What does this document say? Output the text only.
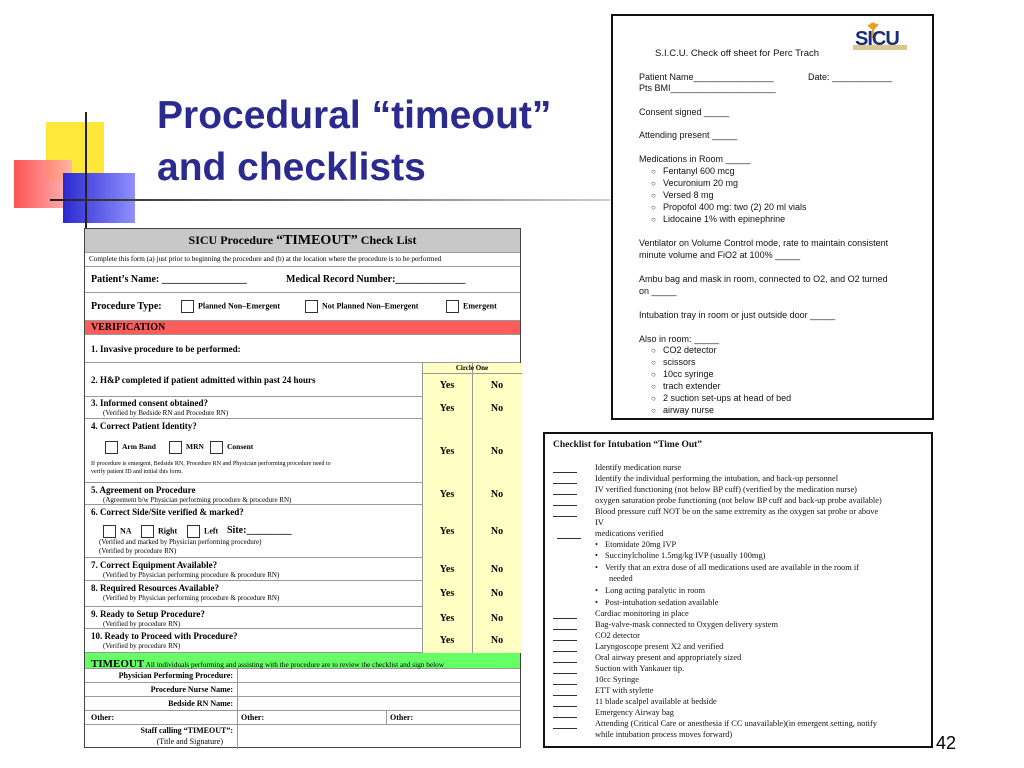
Procedural “timeout”
and checklists
SICU Procedure “TIMEOUT” Check List
Complete this form (a) just prior to beginning the procedure and (b) at the location where the procedure is to be performed
Patient’s Name: _________________	Medical Record Number:______________
Procedure Type:	Planned Non–Emergent	Not Planned Non–Emergent	Emergent
VERIFICATION
1. Invasive procedure to be performed:
Circle One
2. H&P completed if patient admitted within past 24 hours	Yes	No
3. Informed consent obtained?
(Verified by Bedside RN and Procedure RN)	Yes	No
4. Correct Patient Identity?
Arm Band	MRN	Consent
If procedure is emergent, Bedside RN, Procedure RN and Physician performing procedure need to
verify patient ID and initial this form.
Yes	No
5. Agreement on Procedure
(Agreement b/w Physician performing procedure & procedure RN)	Yes	No
6. Correct Side/Site verified & marked?
NA	Right	Left Site:_________
(Verified and marked by Physician performing procedure)
(Verified by procedure RN)
Yes	No
7. Correct Equipment Available?
(Verified by Physician performing procedure & procedure RN)	Yes	No
8. Required Resources Available?
(Verified by Physician performing procedure & procedure RN)	Yes	No
9. Ready to Setup Procedure?
(Verified by procedure RN)	Yes	No
10. Ready to Proceed with Procedure?
(Verified by procedure RN)	Yes	No
TIMEOUT All individuals performing and assisting with the procedure are to review the checklist and sign below
Physician Performing Procedure:
Procedure Nurse Name:
Bedside RN Name:
Other:	Other:	Other:
Staff calling “TIMEOUT”:
(Title and Signature)
SICU
S.I.C.U. Check off sheet for Perc Trach
Patient Name________________	Date: ____________
Pts BMI_____________________
Consent signed _____
Attending present _____
Medications in Room _____
○ Fentanyl 600 mcg
○ Vecuronium 20 mg
○ Versed 8 mg
○ Propofol 400 mg: two (2) 20 ml vials
○ Lidocaine 1% with epinephrine
Ventilator on Volume Control mode, rate to maintain consistent
minute volume and FiO2 at 100% _____
Ambu bag and mask in room, connected to O2, and O2 turned
on _____
Intubation tray in room or just outside door _____
Also in room: _____
○ CO2 detector
○ scissors
○ 10cc syringe
○ trach extender
○ 2 suction set-ups at head of bed
○ airway nurse
Checklist for Intubation “Time Out”
Identify medication nurse
Identify the individual performing the intubation, and back-up personnel
IV verified functioning (not below BP cuff) (verified by the medication nurse)
oxygen saturation probe functioning (not below BP cuff and back-up probe available)
Blood pressure cuff NOT be on the same extremity as the oxygen sat probe or above
IV
medications verified
• Etomidate 20mg IVP
• Succinylcholine 1.5mg/kg IVP (usually 100mg)
• Verify that an extra dose of all medications used are available in the room if
needed
• Long acting paralytic in room
• Post-intubation sedation available
Cardiac monitoring in place
Bag-valve-mask connected to Oxygen delivery system
CO2 detector
Laryngoscope present X2 and verified
Oral airway present and appropriately sized
Suction with Yankauer tip.
10cc Syringe
ETT with stylette
11 blade scalpel available at bedside
Emergency Airway bag
Attending (Critical Care or anesthesia if CC unavailable)(in emergent setting, notify
while intubation process moves forward)	42
